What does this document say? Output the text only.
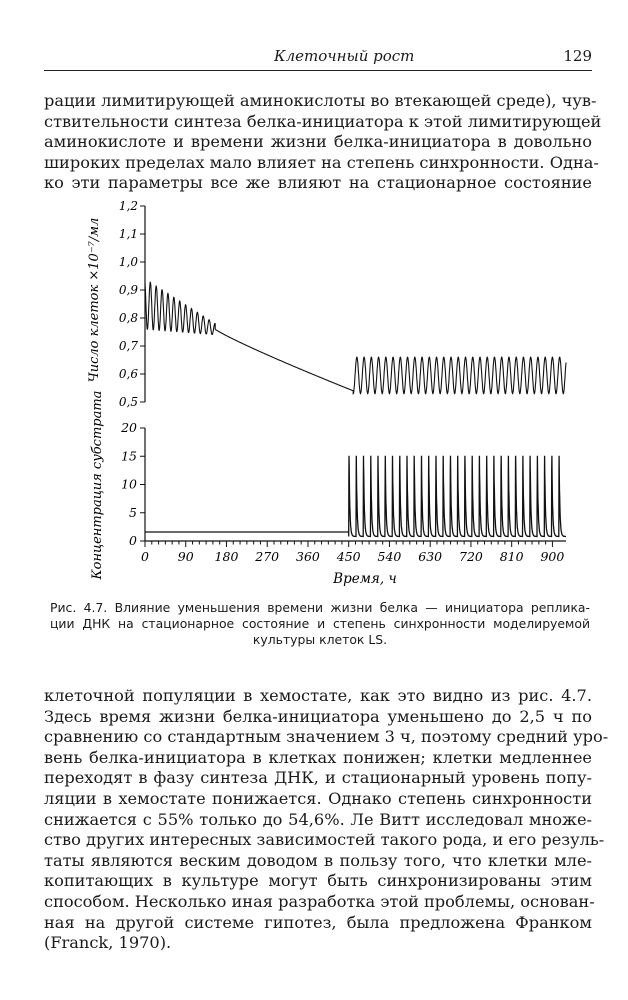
Клеточный рост	129
рации лимитирующей аминокислоты во втекающей среде), чув-
ствительности синтеза белка-инициатора к этой лимитирующей
аминокислоте и времени жизни белка-инициатора в довольно
широких пределах мало влияет на степень синхронности. Одна-
ко эти параметры все же влияют на стационарное состояние
Число клеток ×10⁻⁷/мл
0,5
0,6
0,7
0,8
0,9
1,0
1,1
1,2
Концентрация субстрата 0
5
10
15
20
0 90 180 270 360 450 540 630 720 810 900
Время, ч
Рис. 4.7. Влияние уменьшения времени жизни белка — инициатора реплика-
ции ДНК на стационарное состояние и степень синхронности моделируемой
культуры клеток LS.
клеточной популяции в хемостате, как это видно из рис. 4.7.
Здесь время жизни белка-инициатора уменьшено до 2,5 ч по
сравнению со стандартным значением 3 ч, поэтому средний уро-
вень белка-инициатора в клетках понижен; клетки медленнее
переходят в фазу синтеза ДНК, и стационарный уровень попу-
ляции в хемостате понижается. Однако степень синхронности
снижается с 55% только до 54,6%. Ле Витт исследовал множе-
ство других интересных зависимостей такого рода, и его резуль-
таты являются веским доводом в пользу того, что клетки мле-
копитающих в культуре могут быть синхронизированы этим
способом. Несколько иная разработка этой проблемы, основан-
ная на другой системе гипотез, была предложена Франком
(Franck, 1970).
